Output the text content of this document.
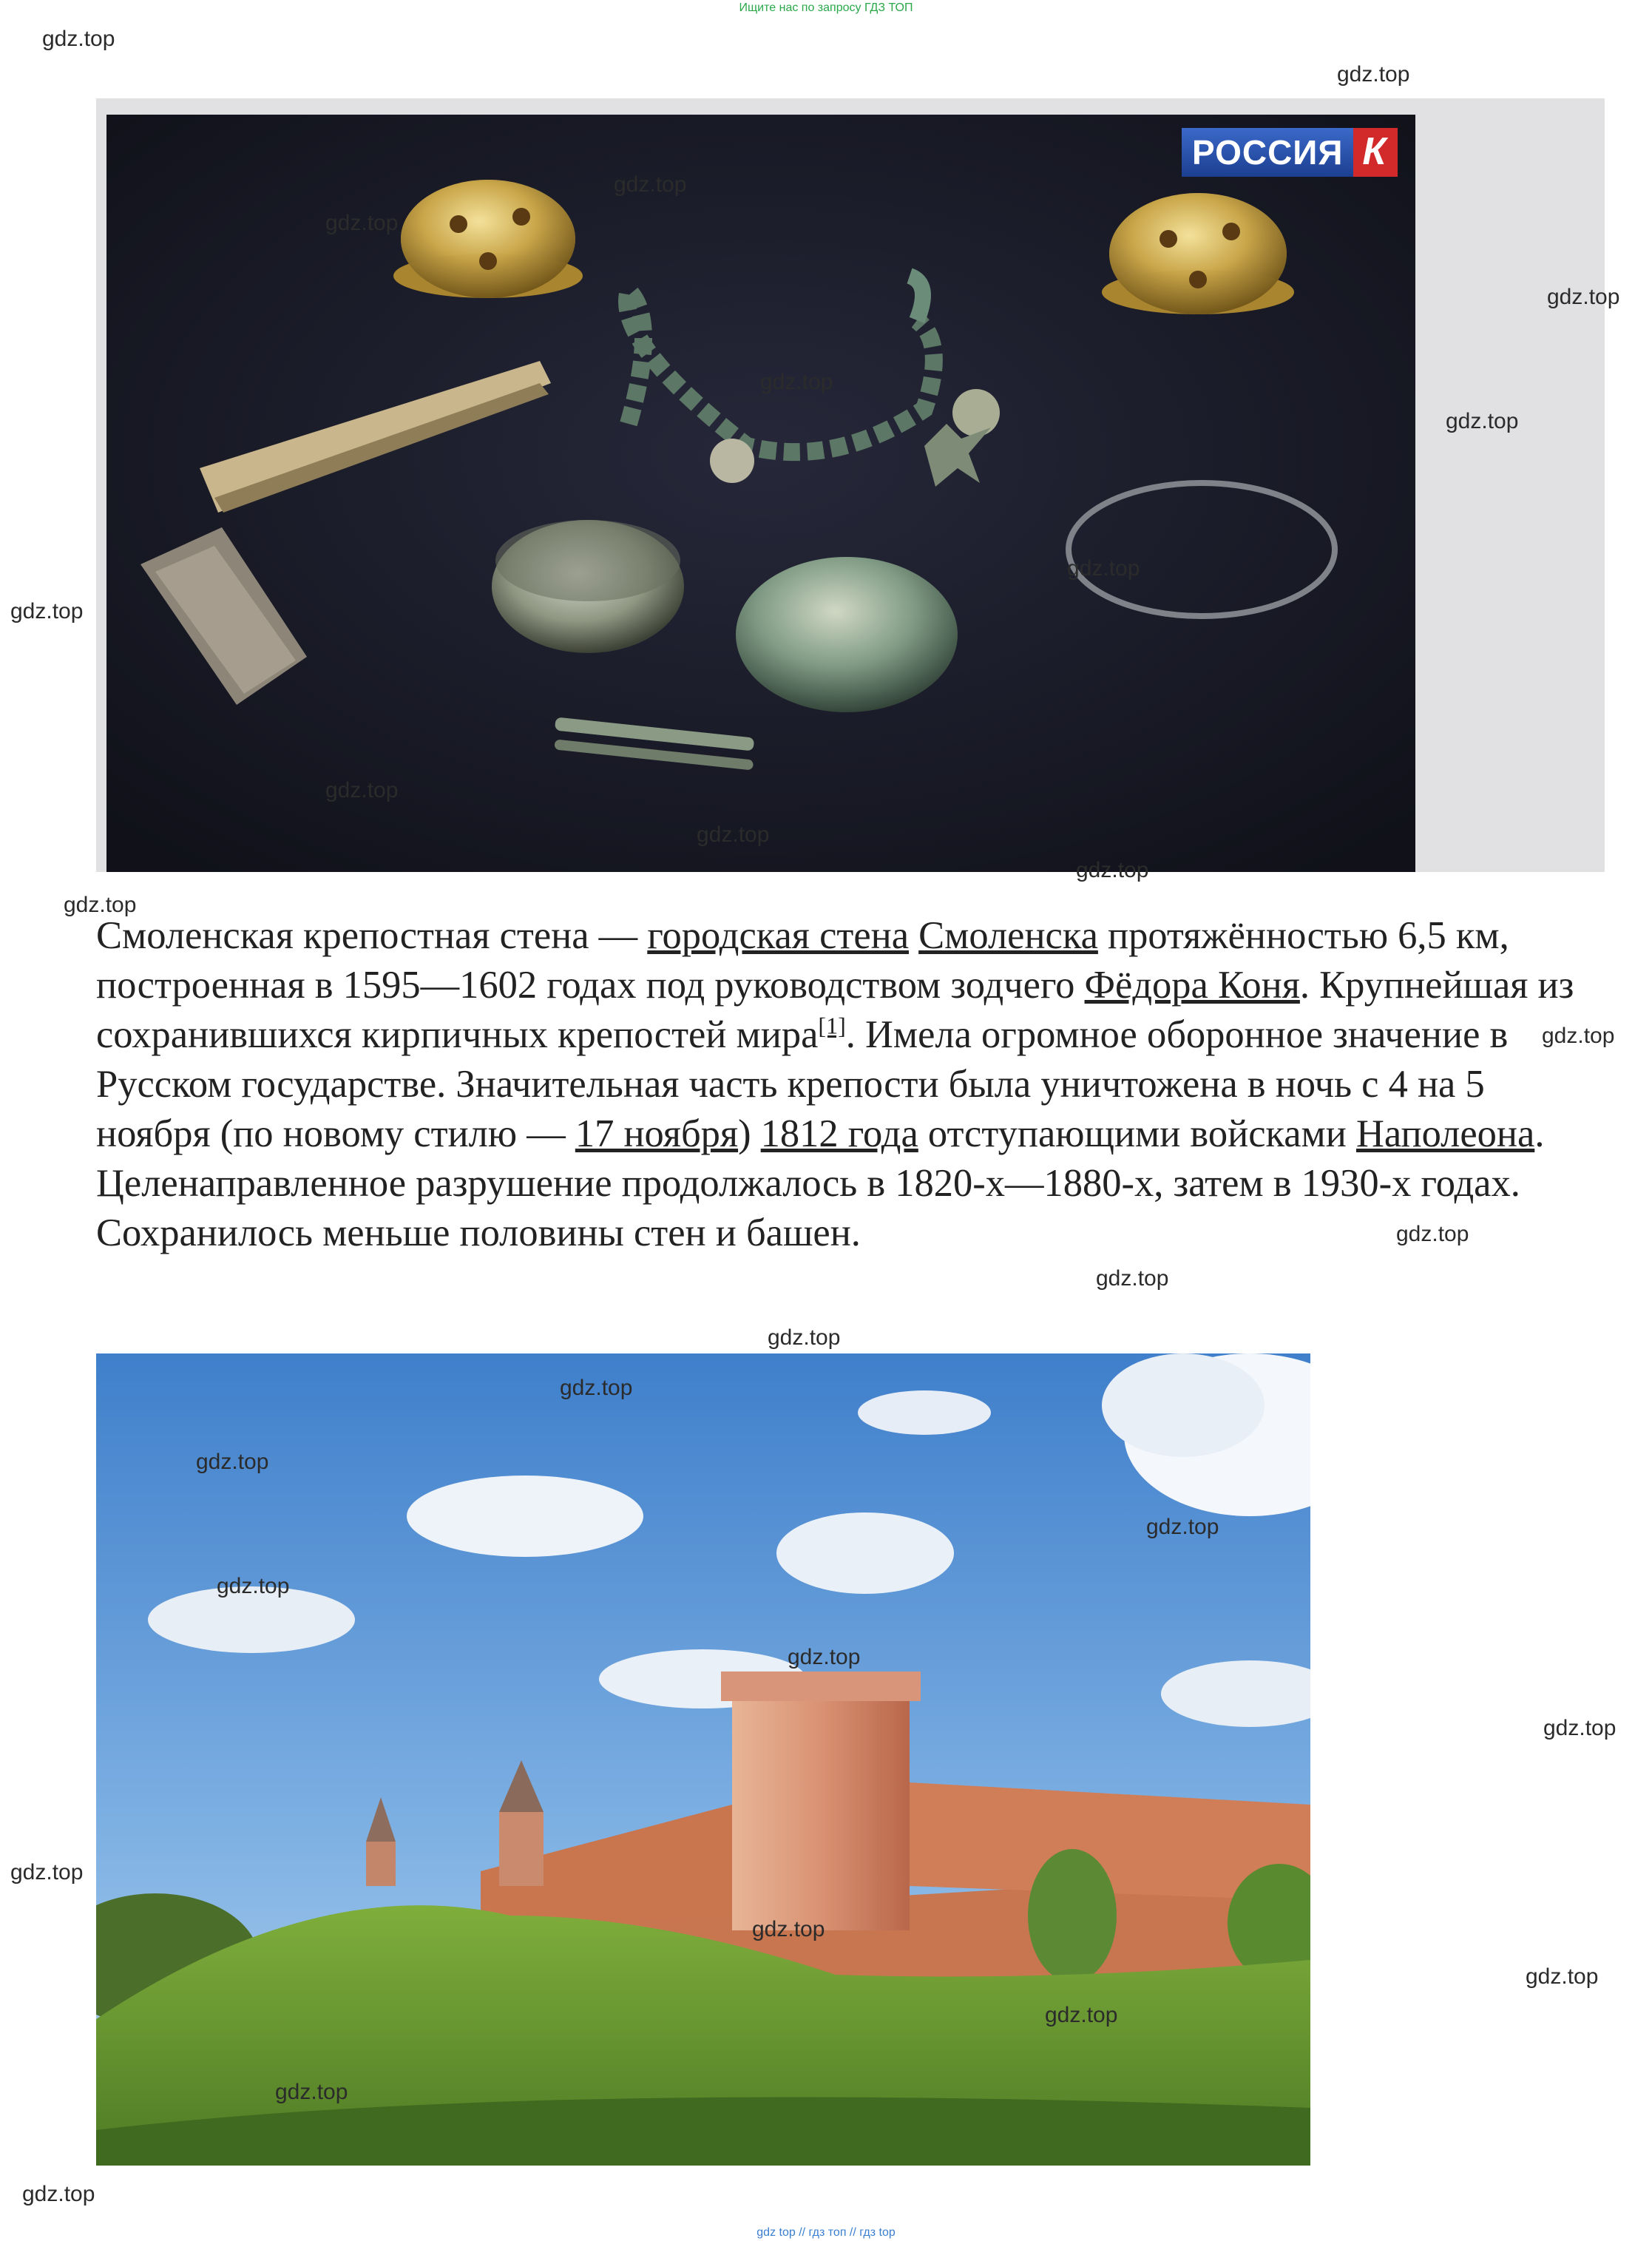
Ищите нас по запросу ГДЗ ТОП
РОССИЯ К
Смоленская крепостная стена — городская стена Смоленска протяжённостью 6,5 км, построенная в 1595—1602 годах под руководством зодчего Фёдора Коня. Крупнейшая из сохранившихся кирпичных крепостей мира[1]. Имела огромное оборонное значение в Русском государстве. Значительная часть крепости была уничтожена в ночь с 4 на 5 ноября (по новому стилю — 17 ноября) 1812 года отступающими войсками Наполеона. Целенаправленное разрушение продолжалось в 1820-х—1880-х, затем в 1930-х годах. Сохранилось меньше половины стен и башен.
gdz.top
gdz.top
gdz.top
gdz.top
gdz.top
gdz.top
gdz.top
gdz.top
gdz.top
gdz.top
gdz.top
gdz.top
gdz.top
gdz.top
gdz.top
gdz.top
gdz.top
gdz.top
gdz.top
gdz.top
gdz.top
gdz.top
gdz.top
gdz.top
gdz.top
gdz.top
gdz.top
gdz.top
gdz.top
gdz top // гдз топ // гдз top
